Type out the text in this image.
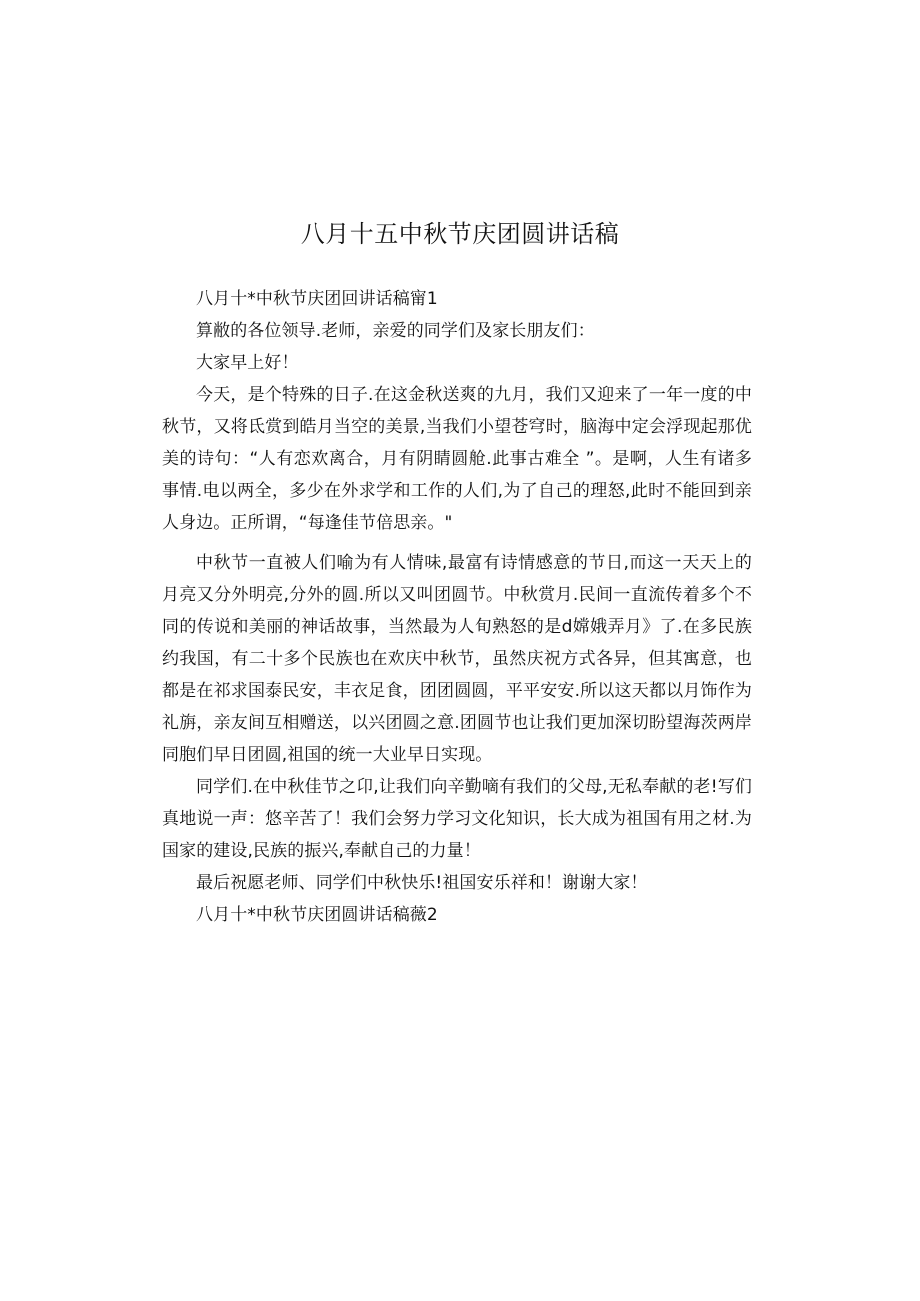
八月十五中秋节庆团圆讲话稿

八月十*中秋节庆团回讲话稿甯1

算敝的各位领导.老师，亲爱的同学们及家长朋友们：

大家早上好！

今天，是个特殊的日子.在这金秋送爽的九月，我们又迎来了一年一度的中秋节，又将氐赏到皓月当空的美景,当我们小望苍穹时，脑海中定会浮现起那优美的诗句：“人有恋欢离合，月有阴睛圆舱.此事古难全 ”。是啊，人生有诸多事情.电以两全，多少在外求学和工作的人们,为了自己的理怒,此时不能回到亲人身边。正所谓，“每逢佳节倍思亲。"

中秋节一直被人们喻为有人情味,最富有诗情感意的节日,而这一天天上的月亮又分外明亮,分外的圆.所以又叫团圆节。中秋赏月.民间一直流传着多个不同的传说和美丽的神话故事，当然最为人旬熟怒的是d嫦娥弄月》了.在多民族约我国，有二十多个民族也在欢庆中秋节，虽然庆祝方式各异，但其寓意，也都是在祁求国泰民安，丰衣足食，团团圆圆，平平安安.所以这天都以月饰作为礼旃，亲友间互相赠送，以兴团圆之意.团圆节也让我们更加深切盼望海茨两岸同胞们早日团圆,祖国的统一大业早日实现。

同学们.在中秋佳节之卬,让我们向辛勤嘀有我们的父母,无私奉献的老!写们真地说一声：悠辛苦了！我们会努力学习文化知识，长大成为祖国有用之材.为国家的建设,民族的振兴,奉献自己的力量！

最后祝愿老师、同学们中秋快乐!祖国安乐祥和！谢谢大家！

八月十*中秋节庆团圆讲话稿薇2
